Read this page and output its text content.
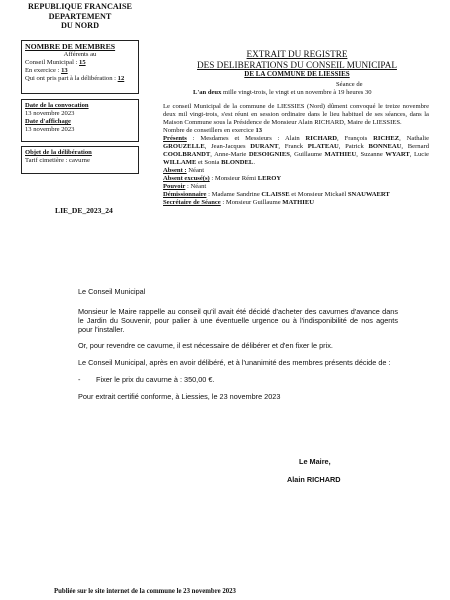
REPUBLIQUE FRANCAISE
DEPARTEMENT
DU NORD
NOMBRE DE MEMBRES
Afférents au
Conseil Municipal : 15
En exercice : 13
Qui ont pris part à la délibération : 12
Date de la convocation
13 novembre 2023
Date d'affichage
13 novembre 2023
Objet de la délibération
Tarif cimetière : cavurne
LIE_DE_2023_24
EXTRAIT DU REGISTRE
DES DELIBERATIONS DU CONSEIL MUNICIPAL
DE LA COMMUNE DE LIESSIES
Séance de
L'an deux mille vingt-trois, le vingt et un novembre à 19 heures 30
Le conseil Municipal de la commune de LIESSIES (Nord) dûment convoqué le treize novembre deux mil vingt-trois, s'est réuni en session ordinaire dans le lieu habituel de ses séances, dans la Maison Commune sous la Présidence de Monsieur Alain RICHARD, Maire de LIESSIES.
Nombre de conseillers en exercice 13
Présents : Mesdames et Messieurs : Alain RICHARD, François RICHEZ, Nathalie GROUZELLE, Jean-Jacques DURANT, Franck PLATEAU, Patrick BONNEAU, Bernard COOLBRANDT, Anne-Marie DESOIGNIES, Guillaume MATHIEU, Suzanne WYART, Lucie WILLAME et Sonia BLONDEL.
Absent : Néant
Absent excusé(s) : Monsieur Rémi LEROY
Pouvoir : Néant
Démissionnaire : Madame Sandrine CLAISSE et Monsieur Mickaël SNAUWAERT
Secrétaire de Séance : Monsieur Guillaume MATHIEU
Le Conseil Municipal

Monsieur le Maire rappelle au conseil qu'il avait été décidé d'acheter des cavurnes d'avance dans le Jardin du Souvenir, pour palier à une éventuelle urgence ou à l'indisponibilité de nos agents pour l'installer.

Or, pour revendre ce cavurne, il est nécessaire de délibérer et d'en fixer le prix.

Le Conseil Municipal, après en avoir délibéré, et à l'unanimité des membres présents décide de :

- Fixer le prix du cavurne à : 350,00 €.

Pour extrait certifié conforme, à Liessies, le 23 novembre 2023

Le Maire,
Alain RICHARD
Publiée sur le site internet de la commune le 23 novembre 2023
